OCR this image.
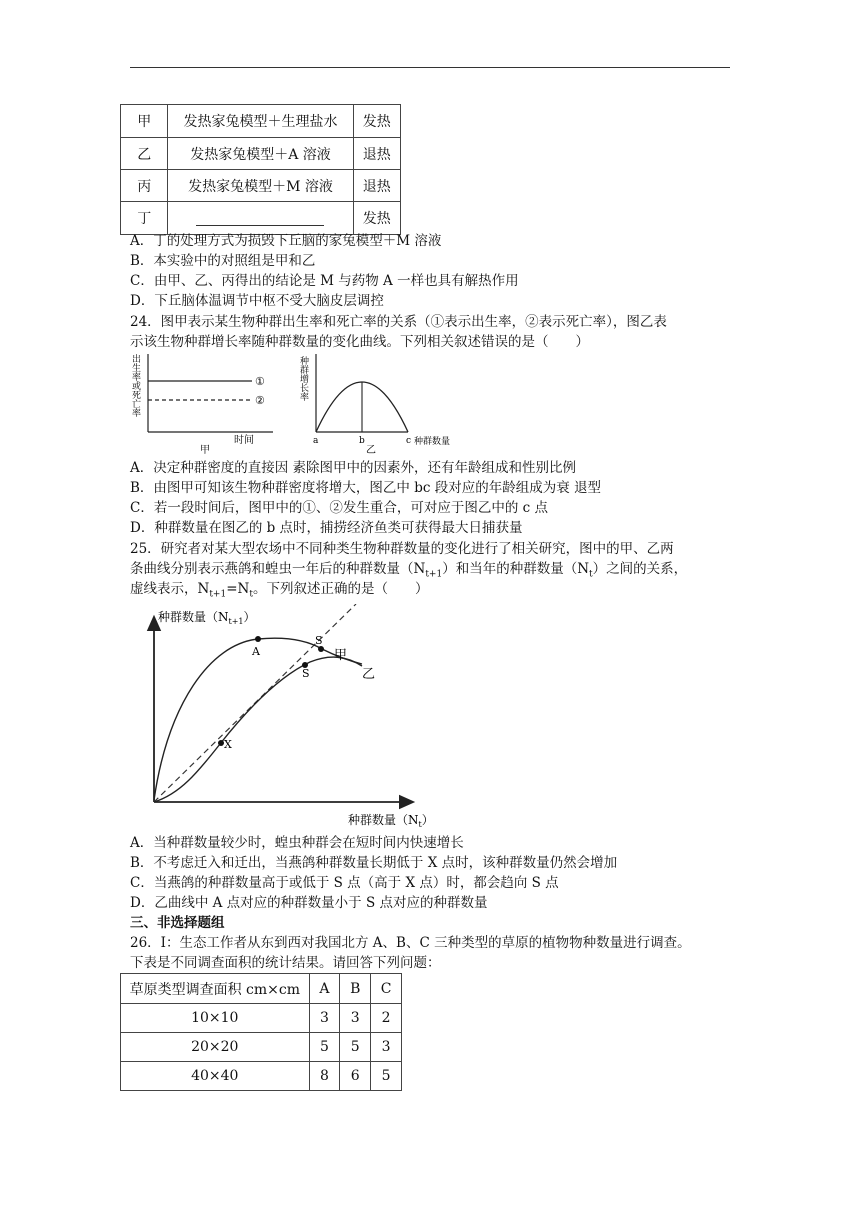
甲	发热家兔模型＋生理盐水	发热
乙	发热家兔模型＋A 溶液	退热
丙	发热家兔模型＋M 溶液	退热
丁		发热
A．丁的处理方式为损毁下丘脑的家兔模型＋M 溶液
B．本实验中的对照组是甲和乙
C．由甲、乙、丙得出的结论是 M 与药物 A 一样也具有解热作用
D．下丘脑体温调节中枢不受大脑皮层调控
24．图甲表示某生物种群出生率和死亡率的关系（①表示出生率，②表示死亡率），图乙表
示该生物种群增长率随种群数量的变化曲线。下列相关叙述错误的是（　　）
①
②
出生率或死亡率
时间
甲
种群增长率
a	b	c 种群数量
乙
A．决定种群密度的直接因 素除图甲中的因素外，还有年龄组成和性别比例
B．由图甲可知该生物种群密度将增大，图乙中 bc 段对应的年龄组成为衰 退型
C．若一段时间后，图甲中的①、②发生重合，可对应于图乙中的 c 点
D．种群数量在图乙的 b 点时，捕捞经济鱼类可获得最大日捕获量
25．研究者对某大型农场中不同种类生物种群数量的变化进行了相关研究，图中的甲、乙两
条曲线分别表示燕鸽和蝗虫一年后的种群数量$(N_{t+1})$和当年的种群数量$(N_t)$之间的关系，
虚线表示，$N_{t+1}=N_t$。下列叙述正确的是（　　）
A
S
S
X
甲
乙
种群数量$(N_{t+1})$
种群数量$(N_t)$
A．当种群数量较少时，蝗虫种群会在短时间内快速增长
B．不考虑迁入和迁出，当燕鸽种群数量长期低于 X 点时，该种群数量仍然会增加
C．当燕鸽的种群数量高于或低于 S 点（高于 X 点）时，都会趋向 S 点
D．乙曲线中 A 点对应的种群数量小于 S 点对应的种群数量
三、非选择题组
26．I：生态工作者从东到西对我国北方 A、B、C 三种类型的草原的植物物种数量进行调查。
下表是不同调查面积的统计结果。请回答下列问题：
草原类型调查面积 cm×cm	A	B	C
10×10	3	3	2
20×20	5	5	3
40×40	8	6	5
